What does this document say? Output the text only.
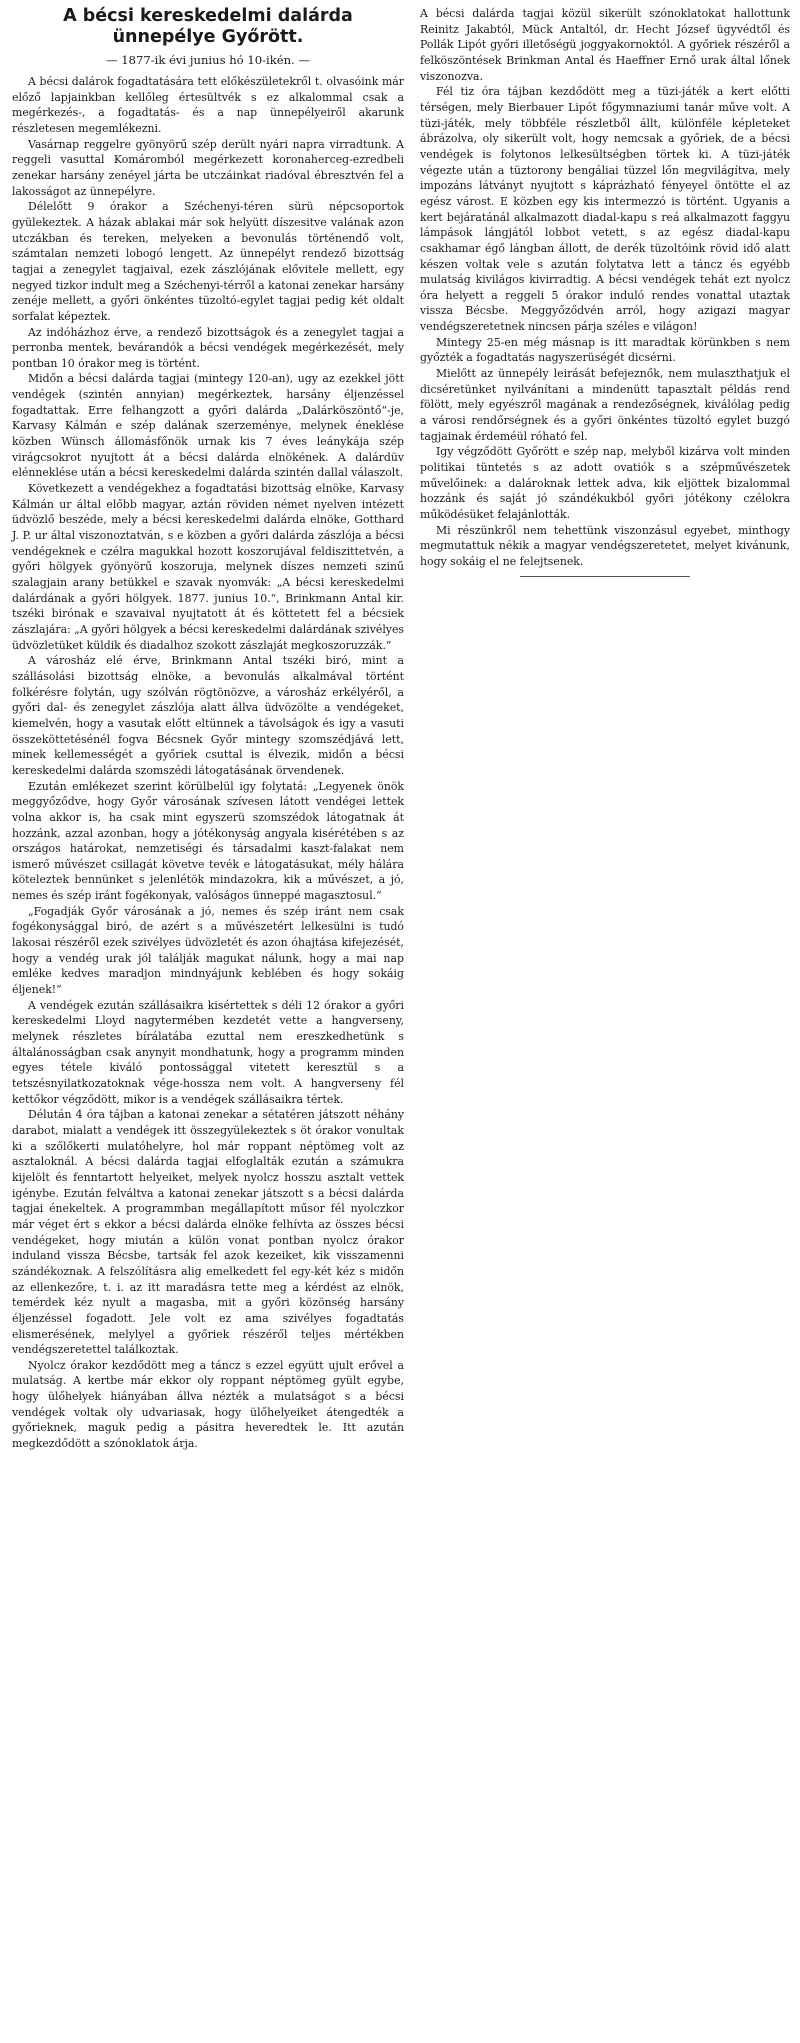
A bécsi kereskedelmi dalárda
ünnepélye Győrött.
— 1877-ik évi junius hó 10-ikén. —

A bécsi dalárok fogadtatására tett előkészületekről t. olvasóink már előző lapjainkban kellőleg értesültvék s ez alkalommal csak a megérkezés-, a fogadtatás- és a nap ünnepélyeiről akarunk részletesen megemlékezni.

Vasárnap reggelre gyönyörű szép derült nyári napra virradtunk. A reggeli vasuttal Komáromból megérkezett koronaherceg-ezredbeli zenekar harsány zenéyel járta be utczáinkat riadóval ébresztvén fel a lakosságot az ünnepélyre.

Délelőtt 9 órakor a Széchenyi-téren sürü népcsoportok gyülekeztek. A házak ablakai már sok helyütt díszesitve valának azon utczákban és tereken, melyeken a bevonulás történendő volt, számtalan nemzeti lobogó lengett. Az ünnepélyt rendező bizottság tagjai a zenegylet tagjaival, ezek zászlójának elővitele mellett, egy negyed tizkor indult meg a Széchenyi-térről a katonai zenekar harsány zenéje mellett, a győri önkéntes tüzoltó-egylet tagjai pedig két oldalt sorfalat képeztek.

Az indóházhoz érve, a rendező bizottságok és a zenegylet tagjai a perronba mentek, bevárandók a bécsi vendégek megérkezését, mely pontban 10 órakor meg is történt.

Midőn a bécsi dalárda tagjai (mintegy 120-an), ugy az ezekkel jött vendégek (szintén annyian) megérkeztek, harsány éljenzéssel fogadtattak. Erre felhangzott a győri dalárda „Dalárköszöntő“-je, Karvasy Kálmán e szép dalának szerzeménye, melynek éneklése közben Wünsch állomásfőnök urnak kis 7 éves leánykája szép virágcsokrot nyujtott át a bécsi dalárda elnökének. A dalárdüv elénneklése után a bécsi kereskedelmi dalárda szintén dallal válaszolt.

Következett a vendégekhez a fogadtatási bizottság elnöke, Karvasy Kálmán ur által előbb magyar, aztán röviden német nyelven intézett üdvözlő beszéde, mely a bécsi kereskedelmi dalárda elnöke, Gotthard J. P. ur által viszonoztatván, s e közben a győri dalárda zászlója a bécsi vendégeknek e czélra magukkal hozott koszorujával feldiszittetvén, a győri hölgyek gyönyörű koszoruja, melynek díszes nemzeti szinű szalagjain arany betükkel e szavak nyomvák: „A bécsi kereskedelmi dalárdának a győri hölgyek. 1877. junius 10.“, Brinkmann Antal kir. tszéki birónak e szavaival nyujtatott át és köttetett fel a bécsiek zászlajára: „A győri hölgyek a bécsi kereskedelmi dalárdának szivélyes üdvözletüket küldik és diadalhoz szokott zászlaját megkoszoruzzák.“

A városház elé érve, Brinkmann Antal tszéki biró, mint a szállásolási bizottság elnöke, a bevonulás alkalmával történt folkérésre folytán, ugy szólván rögtönözve, a városház erkélyéről, a győri dal- és zenegylet zászlója alatt állva üdvözölte a vendégeket, kiemelvén, hogy a vasutak előtt eltünnek a távolságok és igy a vasuti összeköttetésénél fogva Bécsnek Győr mintegy szomszédjává lett, minek kellemességét a győriek csuttal is élvezik, midőn a bécsi kereskedelmi dalárda szomszédi látogatásának örvendenek.

Ezután emlékezet szerint körülbelül igy folytatá: „Legyenek önök meggyőződve, hogy Győr városának szívesen látott vendégei lettek volna akkor is, ha csak mint egyszerü szomszédok látogatnak át hozzánk, azzal azonban, hogy a jótékonyság angyala kisérétében s az országos határokat, nemzetiségi és társadalmi kaszt-falakat nem ismerő művészet csillagát követve tevék e látogatásukat, mély hálára köteleztek bennünket s jelenlétök mindazokra, kik a művészet, a jó, nemes és szép iránt fogékonyak, valóságos ünneppé magasztosul.“

„Fogadják Győr városának a jó, nemes és szép iránt nem csak fogékonysággal biró, de azért s a művészetért lelkesülni is tudó lakosai részéről ezek szivélyes üdvözletét és azon óhajtása kifejezését, hogy a vendég urak jól találják magukat nálunk, hogy a mai nap emléke kedves maradjon mindnyájunk keblében és hogy sokáig éljenek!“

A vendégek ezután szállásaikra kisértettek s déli 12 órakor a győri kereskedelmi Lloyd nagytermében kezdetét vette a hangverseny, melynek részletes bírálatába ezuttal nem ereszkedhetünk s általánosságban csak anynyit mondhatunk, hogy a programm minden egyes tétele kiváló pontossággal vitetett keresztül s a tetszésnyilatkozatoknak vége-hossza nem volt. A hangverseny fél kettőkor végződött, mikor is a vendégek szállásaikra tértek.

Délután 4 óra tájban a katonai zenekar a sétatéren játszott néhány darabot, mialatt a vendégek itt összegyülekeztek s öt órakor vonultak ki a szőlőkerti mulatóhelyre, hol már roppant néptömeg volt az asztaloknál. A bécsi dalárda tagjai elfoglalták ezután a számukra kijelölt és fenntartott helyeiket, melyek nyolcz hosszu asztalt vettek igénybe. Ezután felváltva a katonai zenekar játszott s a bécsi dalárda tagjai énekeltek. A programmban megállapított műsor fél nyolczkor már véget ért s ekkor a bécsi dalárda elnöke felhívta az összes bécsi vendégeket, hogy miután a külön vonat pontban nyolcz órakor induland vissza Bécsbe, tartsák fel azok kezeiket, kik visszamenni szándékoznak. A felszólításra alig emelkedett fel egy-két kéz s midőn az ellenkezőre, t. i. az itt maradásra tette meg a kérdést az elnök, temérdek kéz nyult a magasba, mit a győri közönség harsány éljenzéssel fogadott. Jele volt ez ama szivélyes fogadtatás elismerésének, melylyel a győriek részéről teljes mértékben vendégszeretettel találkoztak.

Nyolcz órakor kezdődött meg a táncz s ezzel együtt ujult erővel a mulatság. A kertbe már ekkor oly roppant néptömeg gyült egybe, hogy ülőhelyek hiányában állva nézték a mulatságot s a bécsi vendégek voltak oly udvariasak, hogy ülőhelyeiket átengedték a győrieknek, maguk pedig a pásitra heveredtek le. Itt azután megkezdődött a szónoklatok árja.

A bécsi dalárda tagjai közül sikerült szónoklatokat hallottunk Reinitz Jakabtól, Mück Antaltól, dr. Hecht József ügyvédtől és Pollák Lipót győri illetőségü joggyakornoktól. A győriek részéről a felköszöntések Brinkman Antal és Haeffner Ernő urak által lőnek viszonozva.

Fél tiz óra tájban kezdődött meg a tüzi-játék a kert előtti térségen, mely Bierbauer Lipót főgymnaziumi tanár műve volt. A tüzi-játék, mely többféle részletből állt, különféle képleteket ábrázolva, oly sikerült volt, hogy nemcsak a győriek, de a bécsi vendégek is folytonos lelkesültségben törtek ki. A tüzi-játék végezte után a tüztorony bengáliai tüzzel lőn megvilágítva, mely impozáns látványt nyujtott s káprázható fényeyel öntötte el az egész várost. E közben egy kis intermezzó is történt. Ugyanis a kert bejáratánál alkalmazott diadal-kapu s reá alkalmazott faggyu lámpások lángjától lobbot vetett, s az egész diadal-kapu csakhamar égő lángban állott, de derék tüzoltóink rövid idő alatt készen voltak vele s azután folytatva lett a táncz és egyébb mulatság kivilágos kivirradtig. A bécsi vendégek tehát ezt nyolcz óra helyett a reggeli 5 órakor induló rendes vonattal utaztak vissza Bécsbe. Meggyőződvén arról, hogy azigazi magyar vendégszeretetnek nincsen párja széles e világon!

Mintegy 25-en még másnap is itt maradtak körünkben s nem győzték a fogadtatás nagyszerüségét dicsérni.

Mielőtt az ünnepély leirását befejeznők, nem mulaszthatjuk el dicséretünket nyilvánítani a mindenütt tapasztalt példás rend fölött, mely egyészről magának a rendezőségnek, kiválólag pedig a városi rendőrségnek és a győri önkéntes tüzoltó egylet buzgó tagjainak érdeméül róható fel.

Igy végződött Győrött e szép nap, melyből kizárva volt minden politikai tüntetés s az adott ovatiók s a szépművészetek művelőinek: a dalároknak lettek adva, kik eljöttek bizalommal hozzánk és saját jó szándékukból győri jótékony czélokra működésüket felajánlották.

Mi részünkről nem tehettünk viszonzásul egyebet, minthogy megmutattuk nékik a magyar vendégszeretetet, melyet kivánunk, hogy sokáig el ne felejtsenek.
